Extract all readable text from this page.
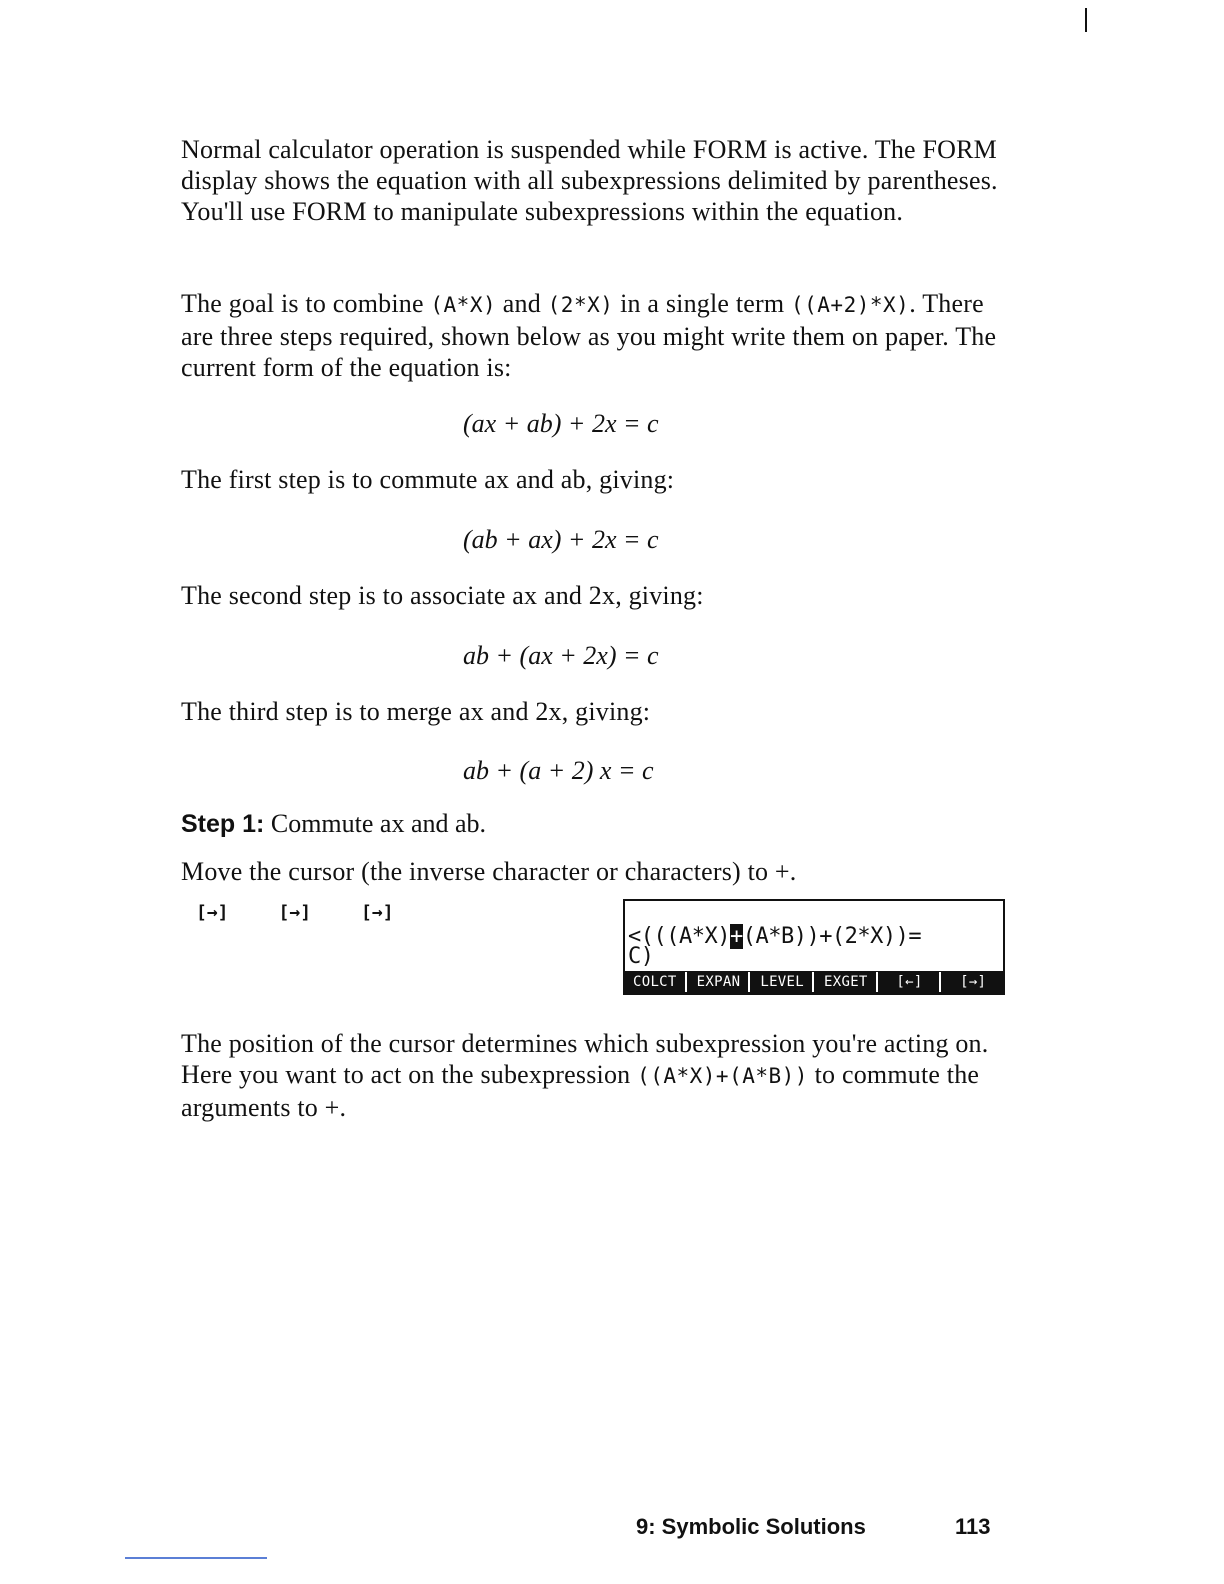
Normal calculator operation is suspended while FORM is active. The FORM display shows the equation with all subexpressions delimited by parentheses. You'll use FORM to manipulate subexpressions within the equation.

The goal is to combine (A*X) and (2*X) in a single term ((A+2)*X). There are three steps required, shown below as you might write them on paper. The current form of the equation is:

(ax + ab) + 2x = c

The first step is to commute ax and ab, giving:

(ab + ax) + 2x = c

The second step is to associate ax and 2x, giving:

ab + (ax + 2x) = c

The third step is to merge ax and 2x, giving:

ab + (a + 2) x = c

Step 1: Commute ax and ab.

Move the cursor (the inverse character or characters) to +.

[→]	[→]	[→]
<(((A*X)+(A*B))+(2*X))=
C)
COLCT	EXPAN	LEVEL	EXGET	[←]	[→]

The position of the cursor determines which subexpression you're acting on. Here you want to act on the subexpression ((A*X)+(A*B)) to commute the arguments to +.

9: Symbolic Solutions	113
